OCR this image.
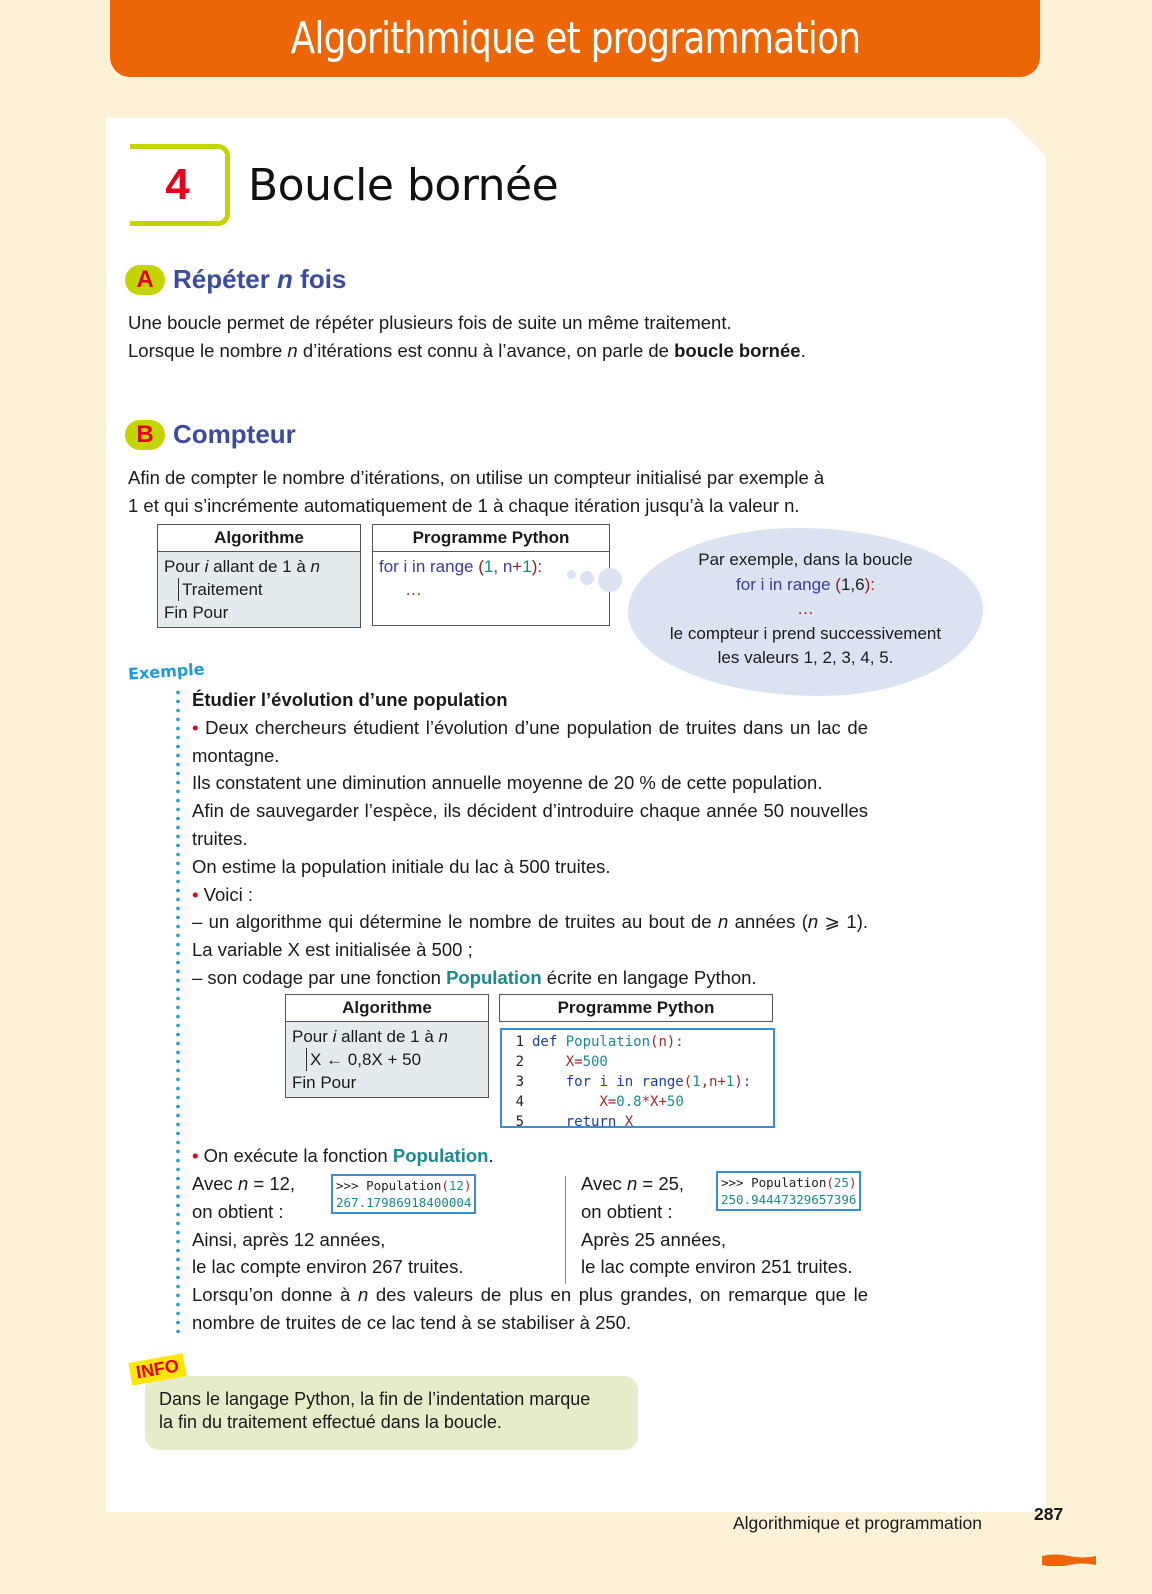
Algorithmique et programmation
4 Boucle bornée
A Répéter n fois
Une boucle permet de répéter plusieurs fois de suite un même traitement.
Lorsque le nombre n d’itérations est connu à l’avance, on parle de boucle bornée.
B Compteur
Afin de compter le nombre d’itérations, on utilise un compteur initialisé par exemple à
1 et qui s’incrémente automatiquement de 1 à chaque itération jusqu’à la valeur n.
Algorithme

Pour i allant de 1 à n
Traitement
Fin Pour
Programme Python

for i in range (1, n+1):
…
Par exemple, dans la boucle
for i in range (1,6):
…
le compteur i prend successivement
les valeurs 1, 2, 3, 4, 5.
Exemple
Étudier l’évolution d’une population
• Deux chercheurs étudient l’évolution d’une population de truites dans un lac de montagne.
Ils constatent une diminution annuelle moyenne de 20 % de cette population.
Afin de sauvegarder l’espèce, ils décident d’introduire chaque année 50 nouvelles truites.
On estime la population initiale du lac à 500 truites.
• Voici :
– un algorithme qui détermine le nombre de truites au bout de n années (n ⩾ 1). La variable X est initialisée à 500 ;
– son codage par une fonction Population écrite en langage Python.
Algorithme

Pour i allant de 1 à n
X ← 0,8X + 50
Fin Pour
Programme Python
1 def Population(n):
2	X=500
3	for i in range(1,n+1):
4	X=0.8*X+50
5	return X
• On exécute la fonction Population.
Avec n = 12,
on obtient :
Ainsi, après 12 années,
le lac compte environ 267 truites.
>>> Population(12)
267.17986918400004
Avec n = 25,
on obtient :
Après 25 années,
le lac compte environ 251 truites.
>>> Population(25)
250.94447329657396
Lorsqu’on donne à n des valeurs de plus en plus grandes, on remarque que le nombre de truites de ce lac tend à se stabiliser à 250.
INFO
Dans le langage Python, la fin de l’indentation marque
la fin du traitement effectué dans la boucle.
Algorithmique et programmation	287
